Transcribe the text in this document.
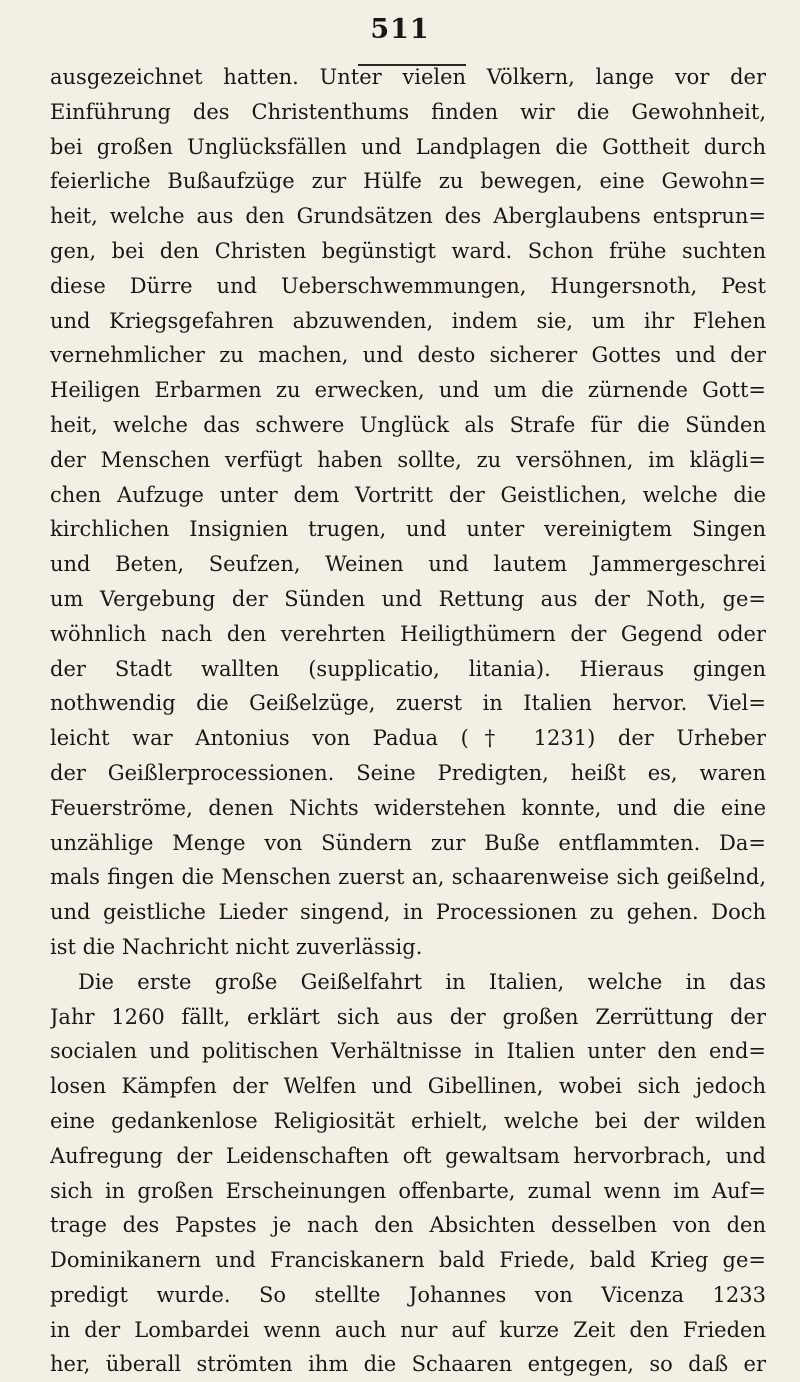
511
ausgezeichnet hatten. Unter vielen Völkern, lange vor der
Einführung des Christenthums finden wir die Gewohnheit,
bei großen Unglücksfällen und Landplagen die Gottheit durch
feierliche Bußaufzüge zur Hülfe zu bewegen, eine Gewohn=
heit, welche aus den Grundsätzen des Aberglaubens entsprun=
gen, bei den Christen begünstigt ward. Schon frühe suchten
diese Dürre und Ueberschwemmungen, Hungersnoth, Pest
und Kriegsgefahren abzuwenden, indem sie, um ihr Flehen
vernehmlicher zu machen, und desto sicherer Gottes und der
Heiligen Erbarmen zu erwecken, und um die zürnende Gott=
heit, welche das schwere Unglück als Strafe für die Sünden
der Menschen verfügt haben sollte, zu versöhnen, im klägli=
chen Aufzuge unter dem Vortritt der Geistlichen, welche die
kirchlichen Insignien trugen, und unter vereinigtem Singen
und Beten, Seufzen, Weinen und lautem Jammergeschrei
um Vergebung der Sünden und Rettung aus der Noth, ge=
wöhnlich nach den verehrten Heiligthümern der Gegend oder
der Stadt wallten (supplicatio, litania). Hieraus gingen
nothwendig die Geißelzüge, zuerst in Italien hervor. Viel=
leicht war Antonius von Padua († 1231) der Urheber
der Geißlerprocessionen. Seine Predigten, heißt es, waren
Feuerströme, denen Nichts widerstehen konnte, und die eine
unzählige Menge von Sündern zur Buße entflammten. Da=
mals fingen die Menschen zuerst an, schaarenweise sich geißelnd,
und geistliche Lieder singend, in Processionen zu gehen. Doch
ist die Nachricht nicht zuverlässig.
Die erste große Geißelfahrt in Italien, welche in das
Jahr 1260 fällt, erklärt sich aus der großen Zerrüttung der
socialen und politischen Verhältnisse in Italien unter den end=
losen Kämpfen der Welfen und Gibellinen, wobei sich jedoch
eine gedankenlose Religiosität erhielt, welche bei der wilden
Aufregung der Leidenschaften oft gewaltsam hervorbrach, und
sich in großen Erscheinungen offenbarte, zumal wenn im Auf=
trage des Papstes je nach den Absichten desselben von den
Dominikanern und Franciskanern bald Friede, bald Krieg ge=
predigt wurde. So stellte Johannes von Vicenza 1233
in der Lombardei wenn auch nur auf kurze Zeit den Frieden
her, überall strömten ihm die Schaaren entgegen, so daß er
